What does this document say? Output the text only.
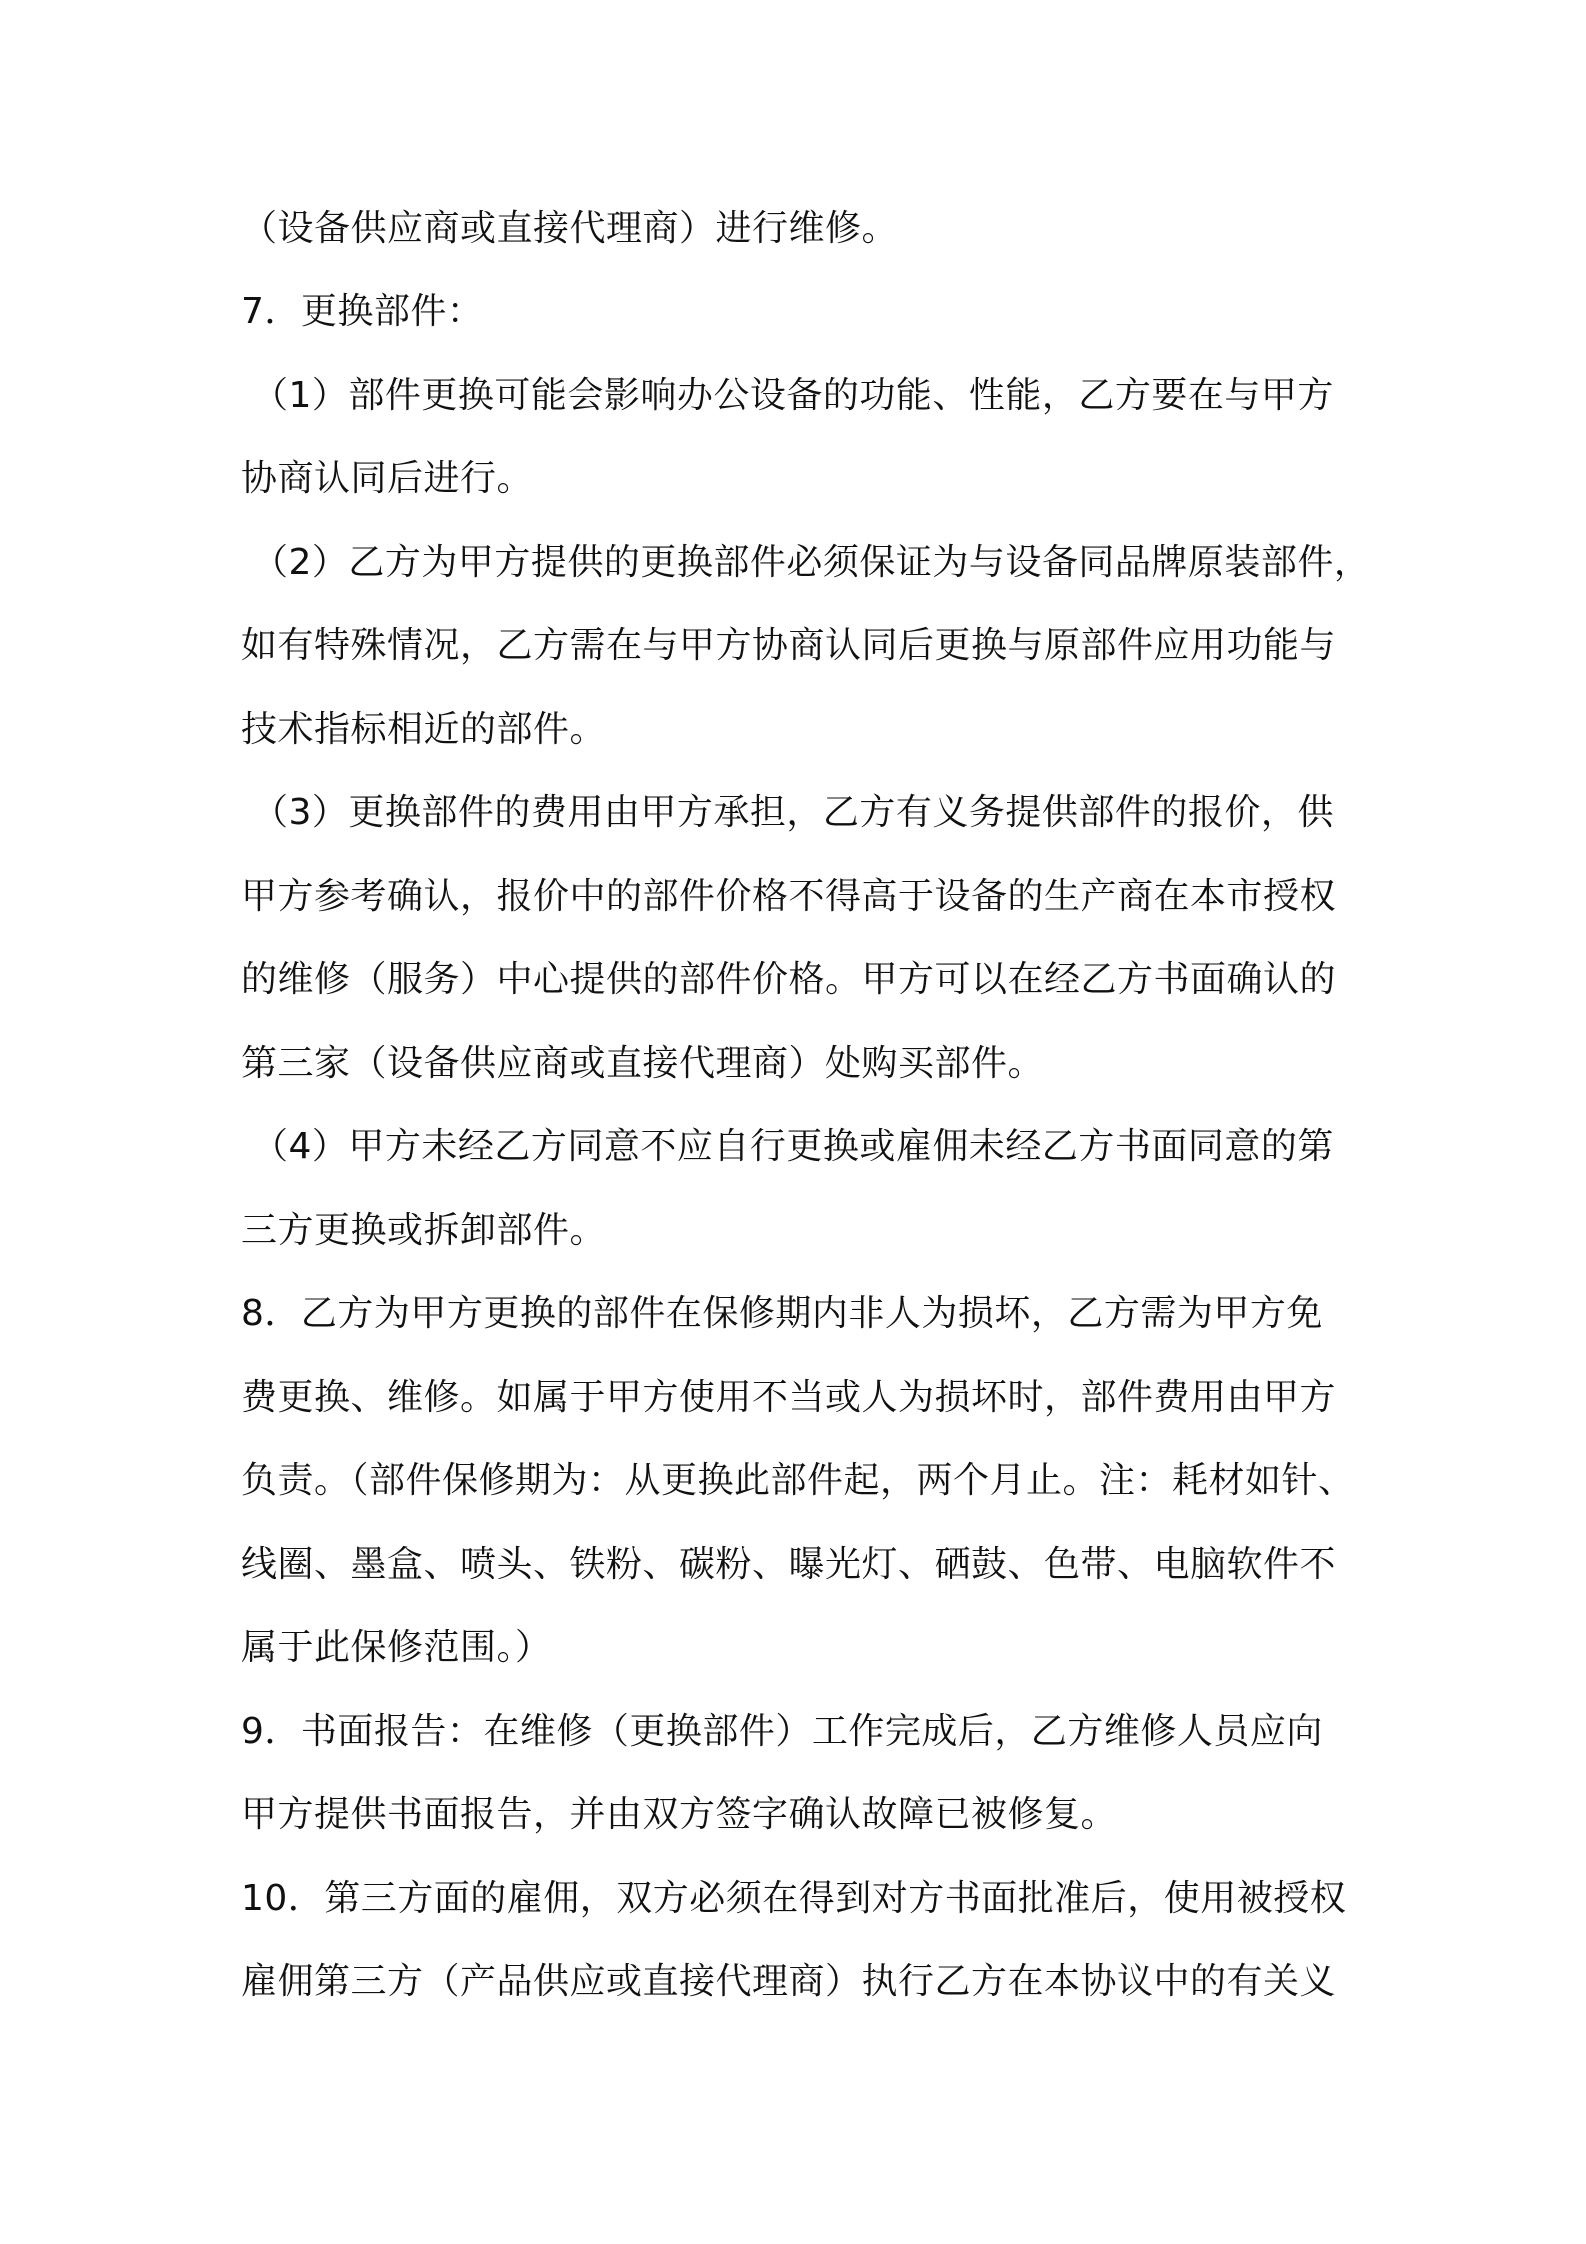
（设备供应商或直接代理商）进行维修。
7．更换部件：
（1）部件更换可能会影响办公设备的功能、性能，乙方要在与甲方
协商认同后进行。
（2）乙方为甲方提供的更换部件必须保证为与设备同品牌原装部件，
如有特殊情况，乙方需在与甲方协商认同后更换与原部件应用功能与
技术指标相近的部件。
（3）更换部件的费用由甲方承担，乙方有义务提供部件的报价，供
甲方参考确认，报价中的部件价格不得高于设备的生产商在本市授权
的维修（服务）中心提供的部件价格。甲方可以在经乙方书面确认的
第三家（设备供应商或直接代理商）处购买部件。
（4）甲方未经乙方同意不应自行更换或雇佣未经乙方书面同意的第
三方更换或拆卸部件。
8．乙方为甲方更换的部件在保修期内非人为损坏，乙方需为甲方免
费更换、维修。如属于甲方使用不当或人为损坏时，部件费用由甲方
负责。（部件保修期为：从更换此部件起，两个月止。注：耗材如针、
线圈、墨盒、喷头、铁粉、碳粉、曝光灯、硒鼓、色带、电脑软件不
属于此保修范围。）
9．书面报告：在维修（更换部件）工作完成后，乙方维修人员应向
甲方提供书面报告，并由双方签字确认故障已被修复。
10．第三方面的雇佣，双方必须在得到对方书面批准后，使用被授权
雇佣第三方（产品供应或直接代理商）执行乙方在本协议中的有关义
